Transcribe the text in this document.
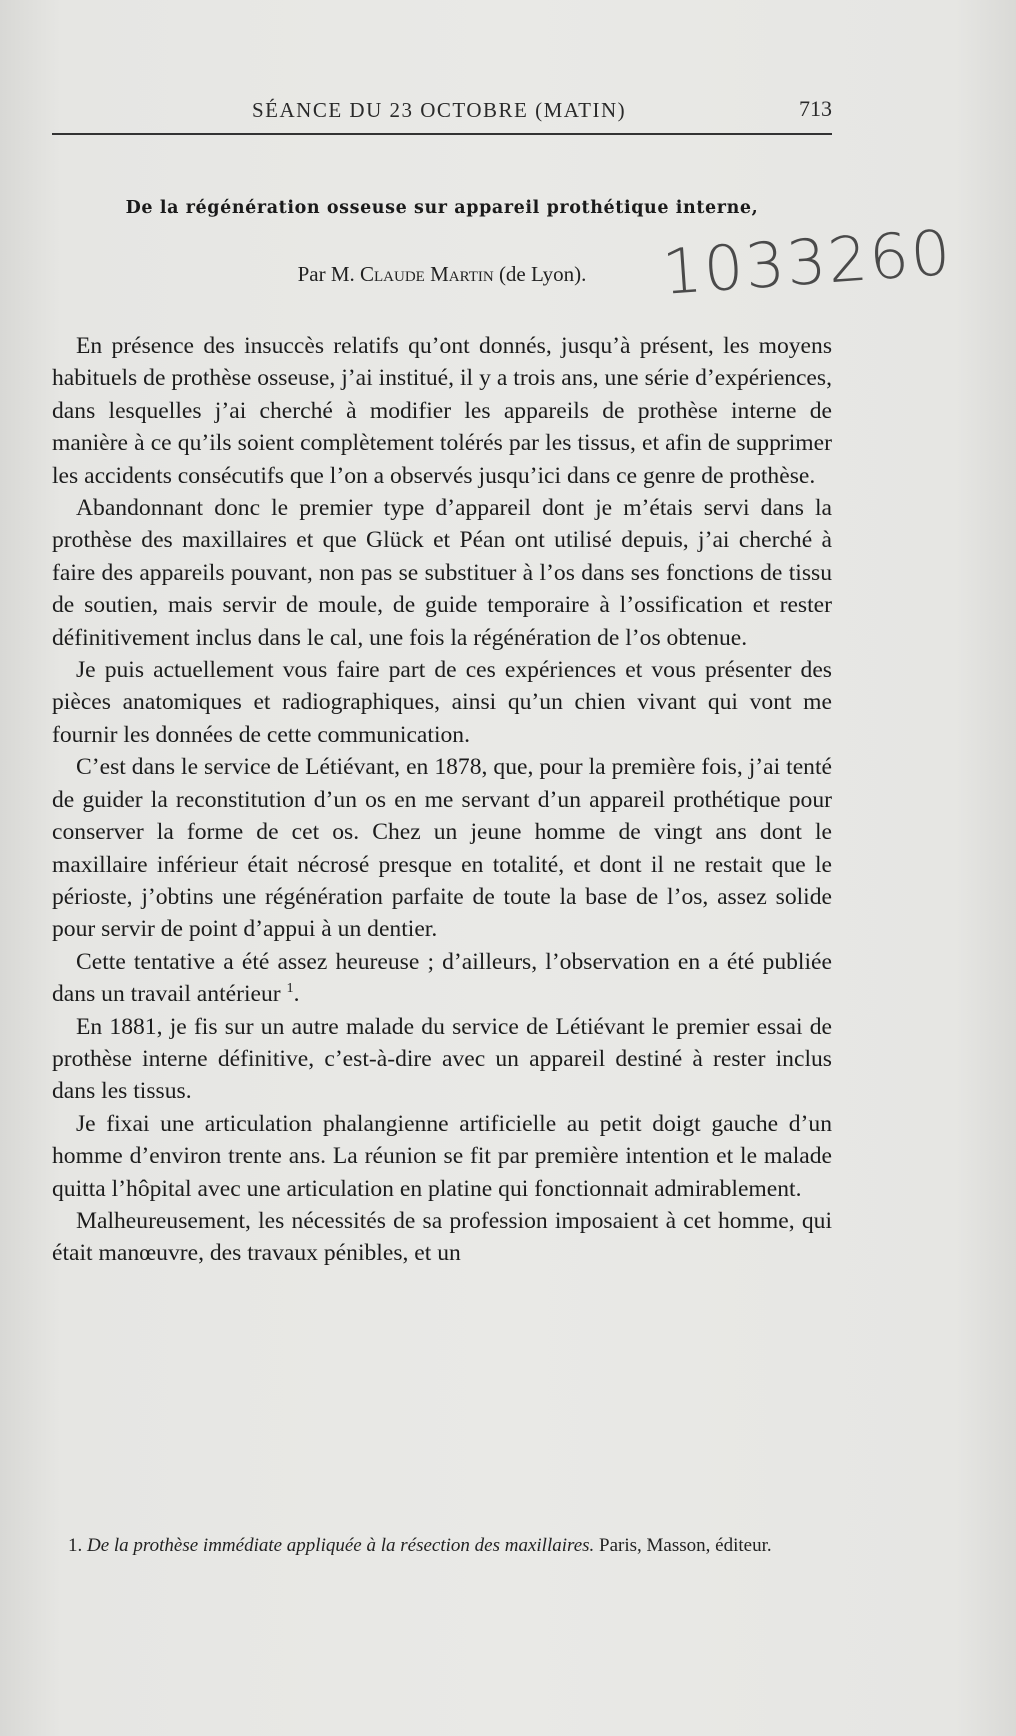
SÉANCE DU 23 OCTOBRE (MATIN)	713
De la régénération osseuse sur appareil prothétique interne,
Par M. Claude Martin (de Lyon).	1033260

En présence des insuccès relatifs qu’ont donnés, jusqu’à présent, les moyens habituels de prothèse osseuse, j’ai institué, il y a trois ans, une série d’expériences, dans lesquelles j’ai cherché à modifier les appareils de prothèse interne de manière à ce qu’ils soient complètement tolérés par les tissus, et afin de supprimer les accidents consécutifs que l’on a observés jusqu’ici dans ce genre de prothèse.

Abandonnant donc le premier type d’appareil dont je m’étais servi dans la prothèse des maxillaires et que Glück et Péan ont utilisé depuis, j’ai cherché à faire des appareils pouvant, non pas se substituer à l’os dans ses fonctions de tissu de soutien, mais servir de moule, de guide temporaire à l’ossification et rester définitivement inclus dans le cal, une fois la régénération de l’os obtenue.

Je puis actuellement vous faire part de ces expériences et vous présenter des pièces anatomiques et radiographiques, ainsi qu’un chien vivant qui vont me fournir les données de cette communication.

C’est dans le service de Létiévant, en 1878, que, pour la première fois, j’ai tenté de guider la reconstitution d’un os en me servant d’un appareil prothétique pour conserver la forme de cet os. Chez un jeune homme de vingt ans dont le maxillaire inférieur était nécrosé presque en totalité, et dont il ne restait que le périoste, j’obtins une régénération parfaite de toute la base de l’os, assez solide pour servir de point d’appui à un dentier.

Cette tentative a été assez heureuse ; d’ailleurs, l’observation en a été publiée dans un travail antérieur $^1$.

En 1881, je fis sur un autre malade du service de Létiévant le premier essai de prothèse interne définitive, c’est-à-dire avec un appareil destiné à rester inclus dans les tissus.

Je fixai une articulation phalangienne artificielle au petit doigt gauche d’un homme d’environ trente ans. La réunion se fit par première intention et le malade quitta l’hôpital avec une articulation en platine qui fonctionnait admirablement.

Malheureusement, les nécessités de sa profession imposaient à cet homme, qui était manœuvre, des travaux pénibles, et un

1. De la prothèse immédiate appliquée à la résection des maxillaires. Paris, Masson, éditeur.
